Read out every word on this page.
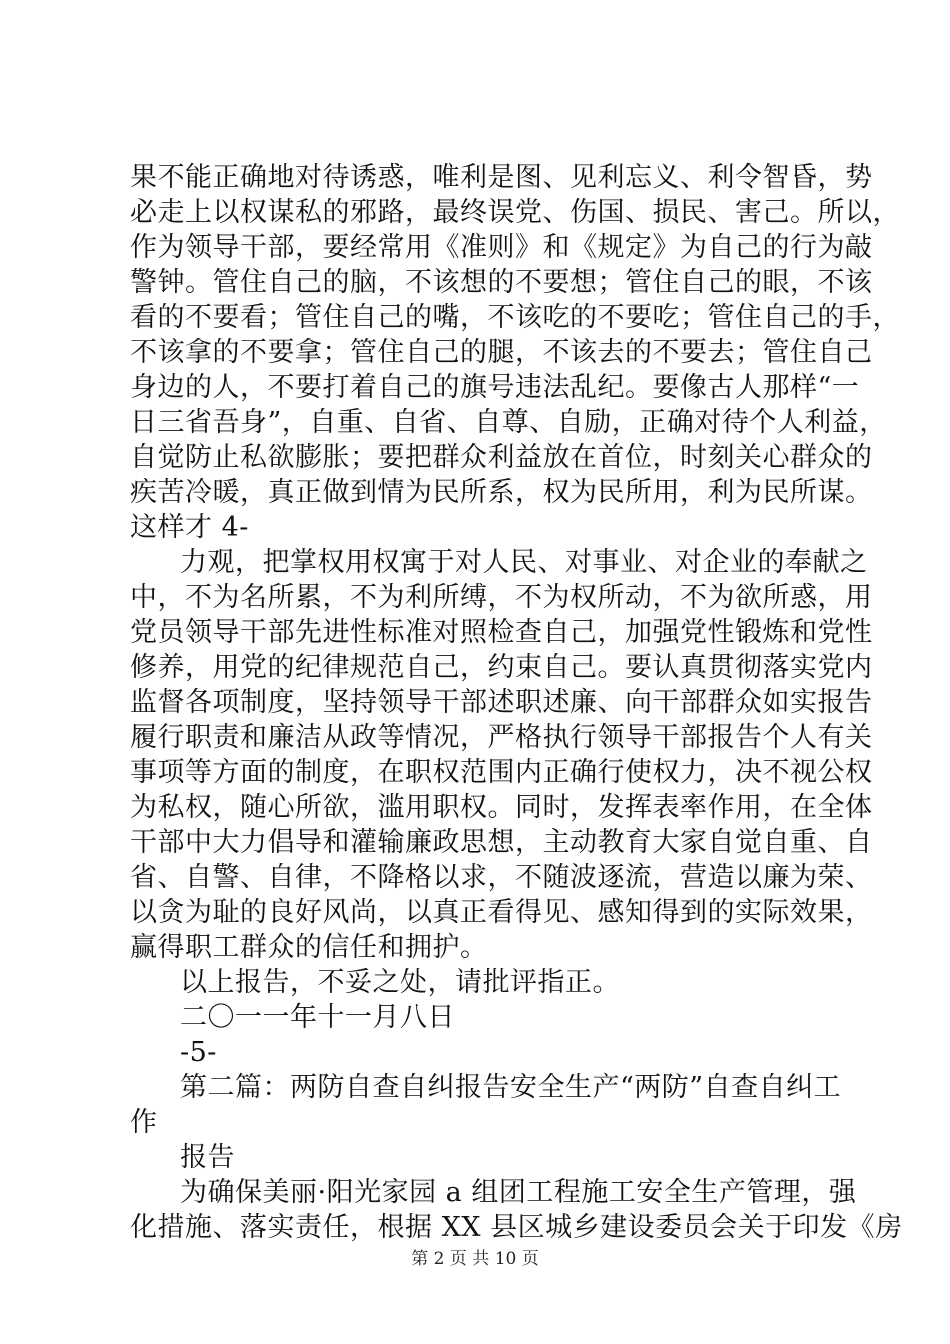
果不能正确地对待诱惑，唯利是图、见利忘义、利令智昏，势
必走上以权谋私的邪路，最终误党、伤国、损民、害己。所以，
作为领导干部，要经常用《准则》和《规定》为自己的行为敲
警钟。管住自己的脑，不该想的不要想；管住自己的眼，不该
看的不要看；管住自己的嘴，不该吃的不要吃；管住自己的手，
不该拿的不要拿；管住自己的腿，不该去的不要去；管住自己
身边的人，不要打着自己的旗号违法乱纪。要像古人那样“一
日三省吾身”，自重、自省、自尊、自励，正确对待个人利益，
自觉防止私欲膨胀；要把群众利益放在首位，时刻关心群众的
疾苦冷暖，真正做到情为民所系，权为民所用，利为民所谋。
这样才 4-
力观，把掌权用权寓于对人民、对事业、对企业的奉献之
中，不为名所累，不为利所缚，不为权所动，不为欲所惑，用
党员领导干部先进性标准对照检查自己，加强党性锻炼和党性
修养，用党的纪律规范自己，约束自己。要认真贯彻落实党内
监督各项制度，坚持领导干部述职述廉、向干部群众如实报告
履行职责和廉洁从政等情况，严格执行领导干部报告个人有关
事项等方面的制度，在职权范围内正确行使权力，决不视公权
为私权，随心所欲，滥用职权。同时，发挥表率作用，在全体
干部中大力倡导和灌输廉政思想，主动教育大家自觉自重、自
省、自警、自律，不降格以求，不随波逐流，营造以廉为荣、
以贪为耻的良好风尚，以真正看得见、感知得到的实际效果，
赢得职工群众的信任和拥护。
以上报告，不妥之处，请批评指正。
二〇一一年十一月八日
-5-
第二篇：两防自查自纠报告安全生产“两防”自查自纠工
作
报告
为确保美丽·阳光家园 a 组团工程施工安全生产管理，强
化措施、落实责任，根据 XX 县区城乡建设委员会关于印发《房
第 2 页 共 10 页
